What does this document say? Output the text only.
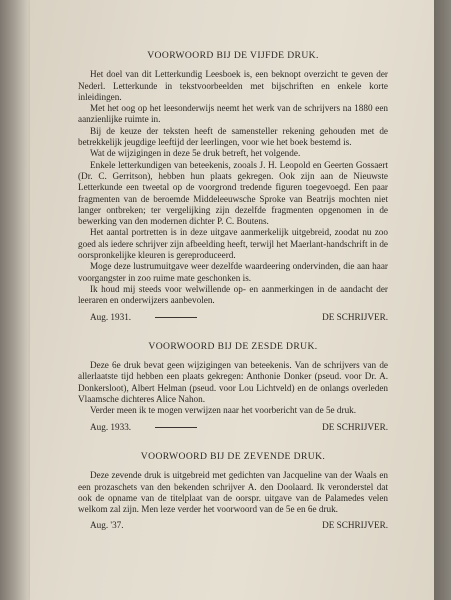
VOORWOORD BIJ DE VIJFDE DRUK.

Het doel van dit Letterkundig Leesboek is, een beknopt overzicht te geven der Nederl. Letterkunde in tekstvoorbeelden met bijschriften en enkele korte inleidingen.

Met het oog op het leesonderwijs neemt het werk van de schrijvers na 1880 een aanzienlijke ruimte in.

Bij de keuze der teksten heeft de samensteller rekening gehouden met de betrekkelijk jeugdige leeftijd der leerlingen, voor wie het boek bestemd is.

Wat de wijzigingen in deze 5e druk betreft, het volgende.

Enkele letterkundigen van beteekenis, zooals J. H. Leopold en Geerten Gossaert (Dr. C. Gerritson), hebben hun plaats gekregen. Ook zijn aan de Nieuwste Letterkunde een tweetal op de voorgrond tredende figuren toegevoegd. Een paar fragmenten van de beroemde Middeleeuwsche Sproke van Beatrijs mochten niet langer ontbreken; ter vergelijking zijn dezelfde fragmenten opgenomen in de bewerking van den modernen dichter P. C. Boutens.

Het aantal portretten is in deze uitgave aanmerkelijk uitgebreid, zoodat nu zoo goed als iedere schrijver zijn afbeelding heeft, terwijl het Maerlant-handschrift in de oorspronkelijke kleuren is gereproduceerd.

Moge deze lustrumuitgave weer dezelfde waardeering ondervinden, die aan haar voorgangster in zoo ruime mate geschonken is.

Ik houd mij steeds voor welwillende op- en aanmerkingen in de aandacht der leeraren en onderwijzers aanbevolen.

Aug. 1931.	DE SCHRIJVER.

VOORWOORD BIJ DE ZESDE DRUK.

Deze 6e druk bevat geen wijzigingen van beteekenis. Van de schrijvers van de allerlaatste tijd hebben een plaats gekregen: Anthonie Donker (pseud. voor Dr. A. Donkersloot), Albert Helman (pseud. voor Lou Lichtveld) en de onlangs overleden Vlaamsche dichteres Alice Nahon.

Verder meen ik te mogen verwijzen naar het voorbericht van de 5e druk.

Aug. 1933.	DE SCHRIJVER.

VOORWOORD BIJ DE ZEVENDE DRUK.

Deze zevende druk is uitgebreid met gedichten van Jacqueline van der Waals en een prozaschets van den bekenden schrijver A. den Doolaard. Ik veronderstel dat ook de opname van de titelplaat van de oorspr. uitgave van de Palamedes velen welkom zal zijn. Men leze verder het voorwoord van de 5e en 6e druk.

Aug. '37.	DE SCHRIJVER.
